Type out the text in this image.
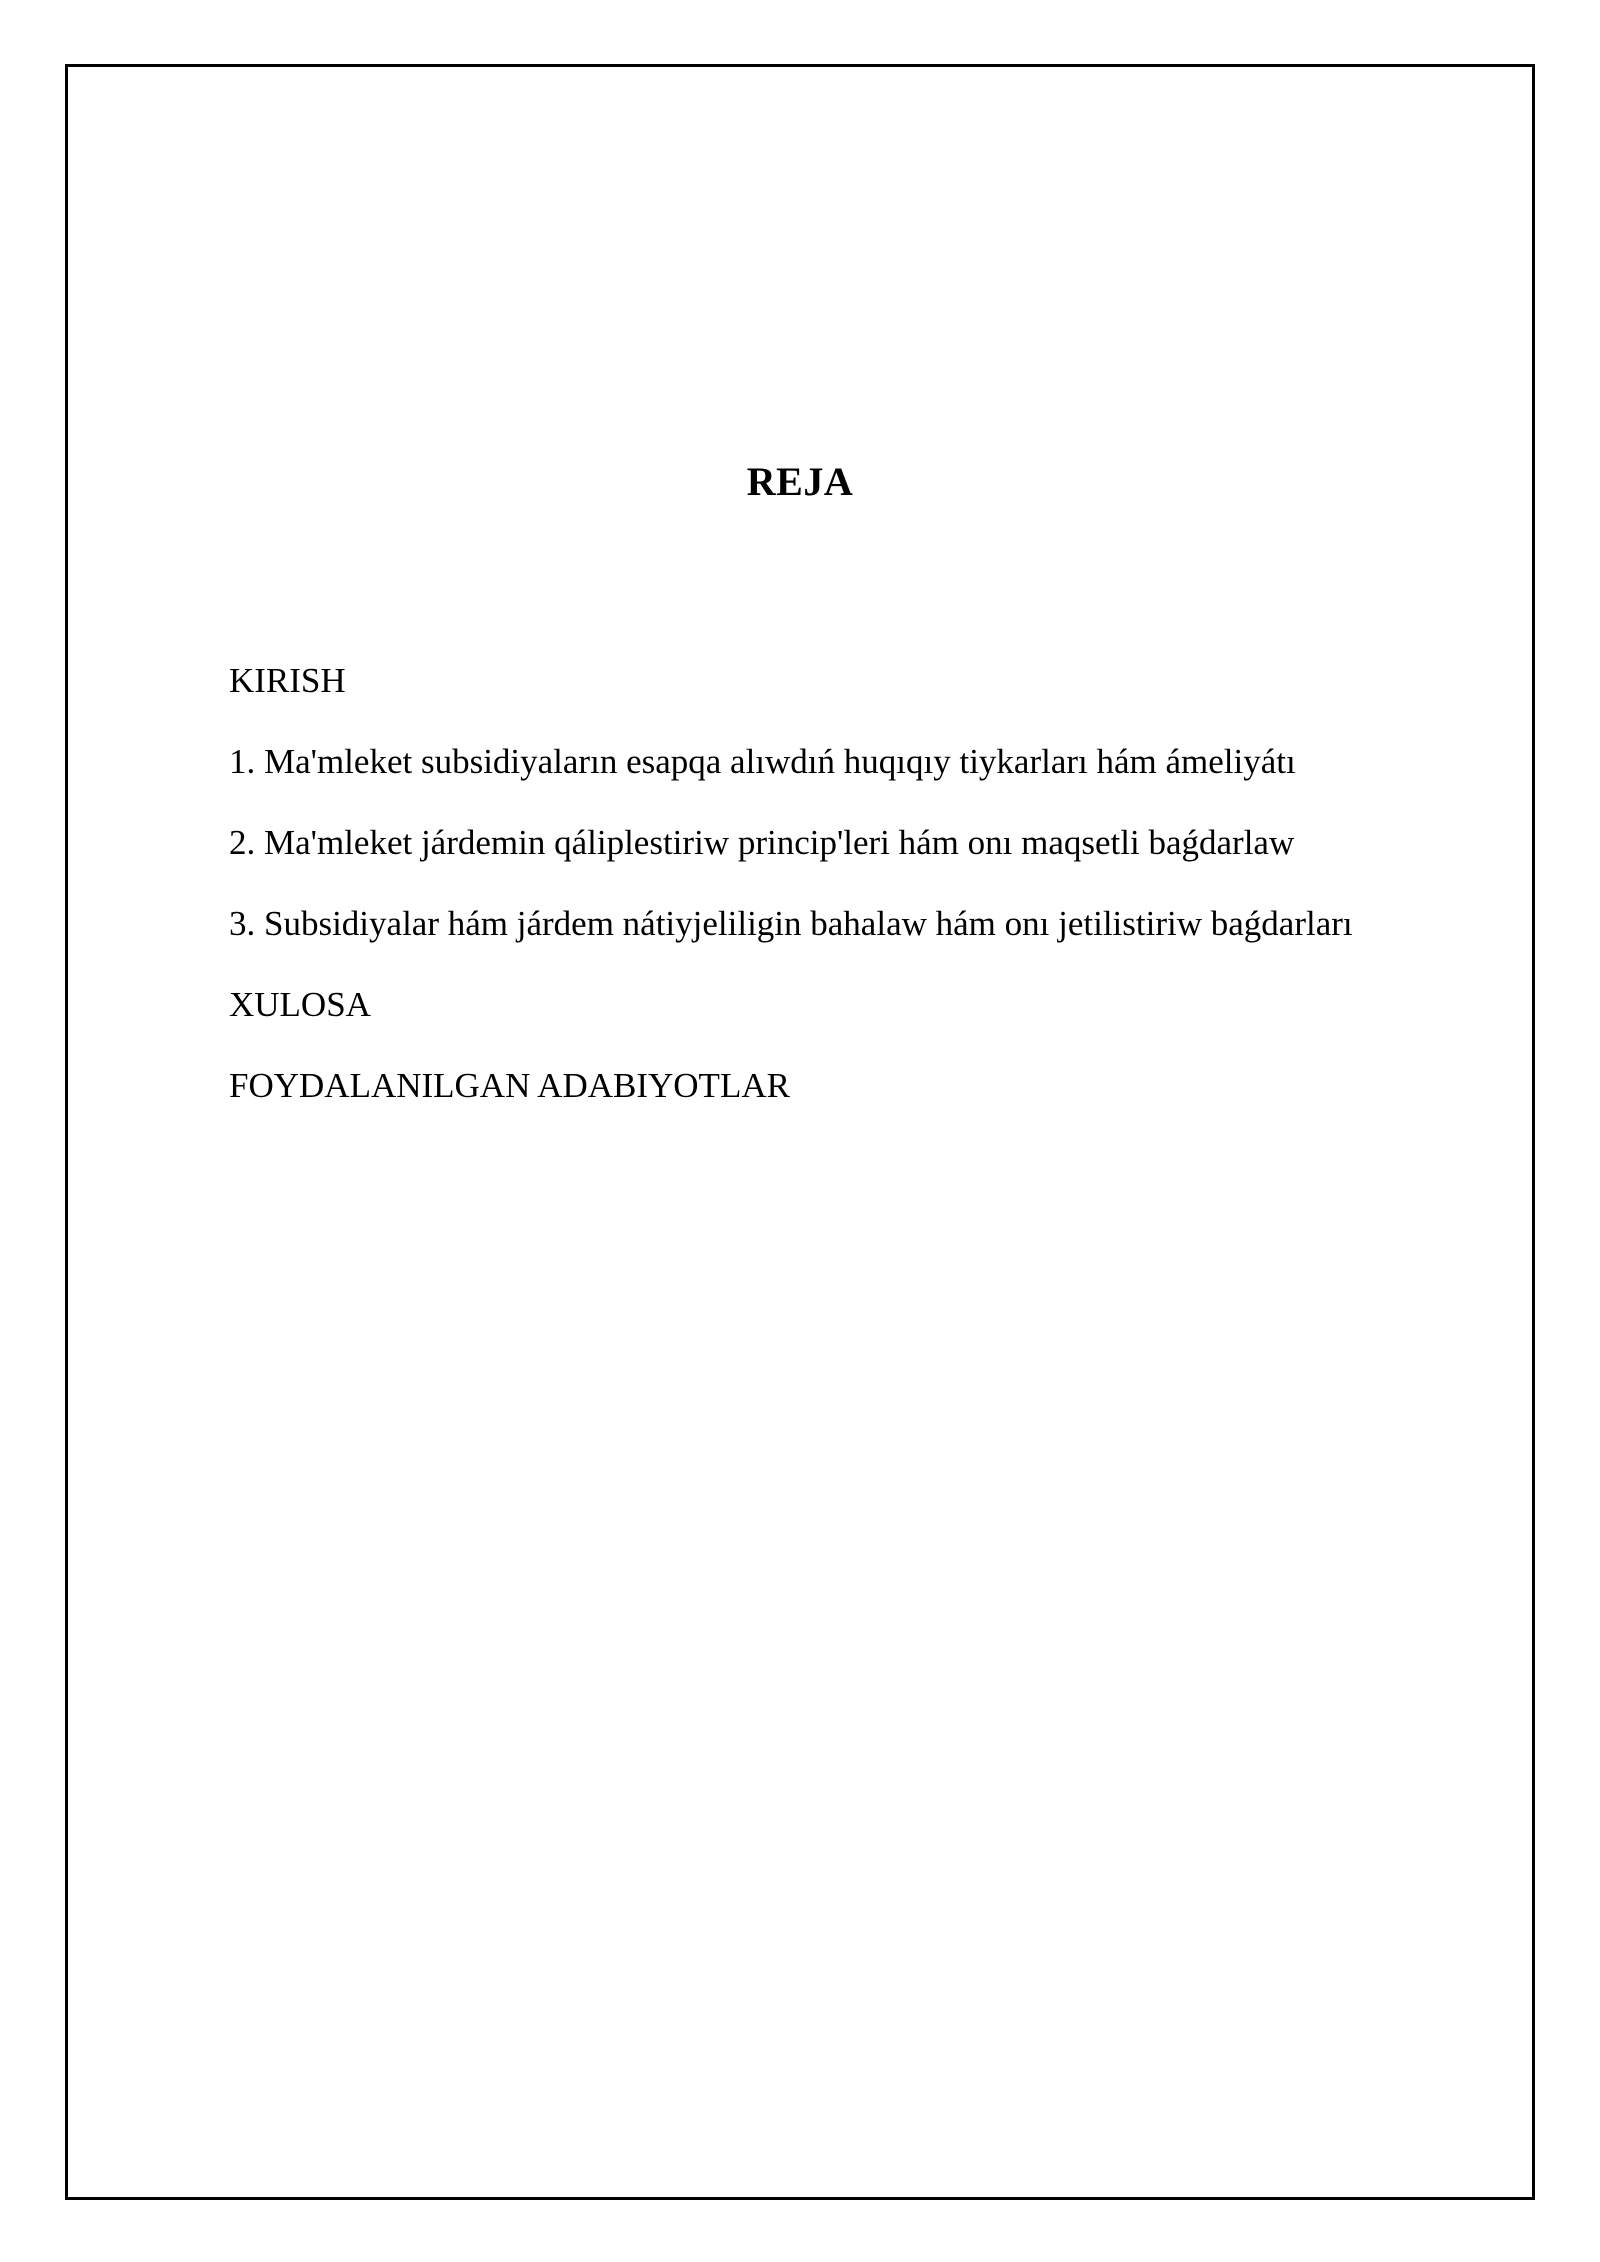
REJA
KIRISH
1. Ma'mleket subsidiyaların esapqa alıwdıń huqıqıy tiykarları hám ámeliyátı
2. Ma'mleket járdemin qáliplestiriw princip'leri hám onı maqsetli baǵdarlaw
3. Subsidiyalar hám járdem nátiyjeliligin bahalaw hám onı jetilistiriw baǵdarları
XULOSA
FOYDALANILGAN ADABIYOTLAR
